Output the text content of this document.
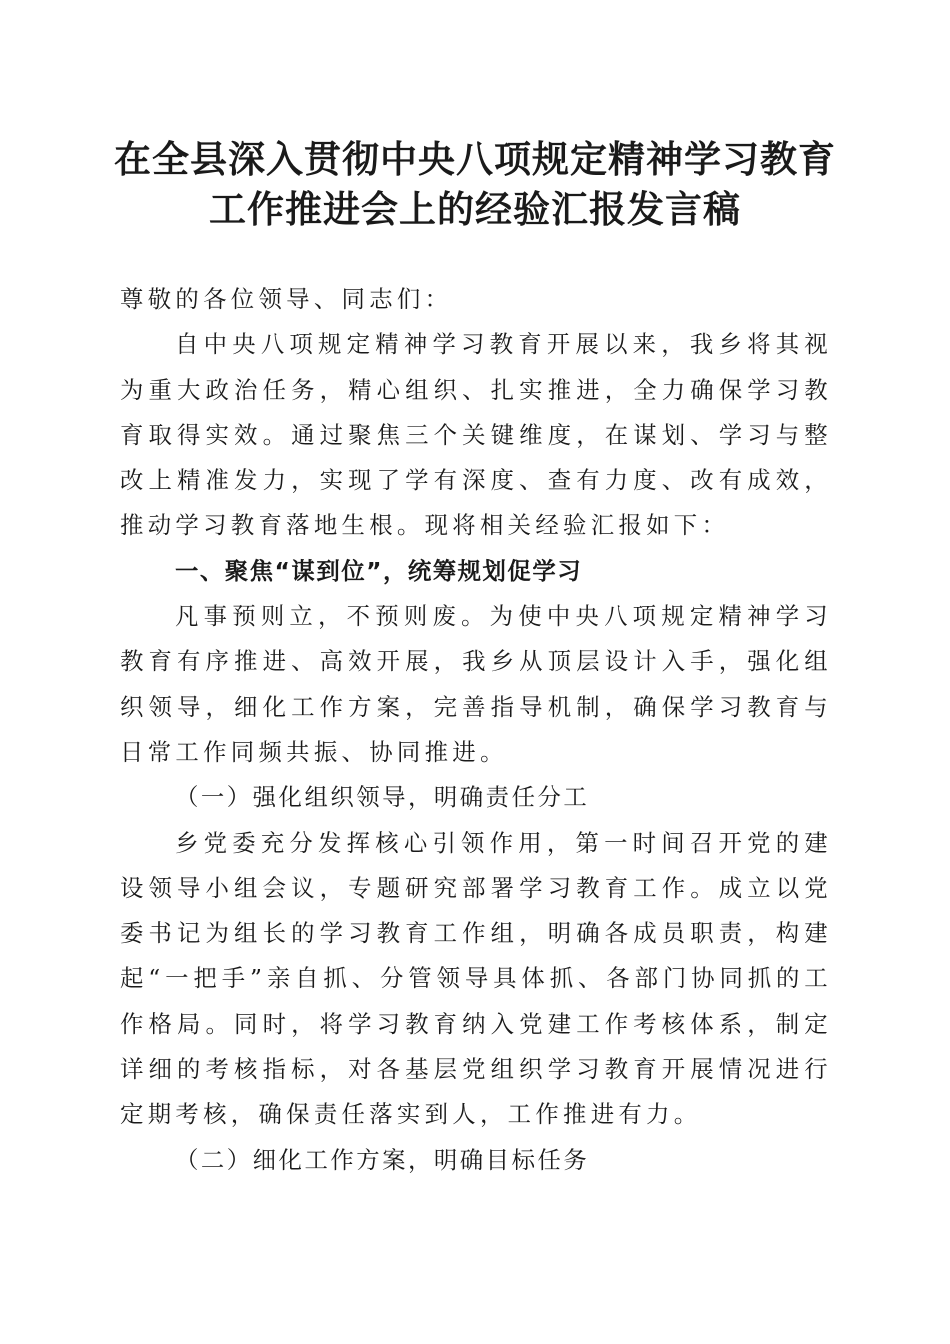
在全县深入贯彻中央八项规定精神学习教育工作推进会上的经验汇报发言稿

尊敬的各位领导、同志们：

自中央八项规定精神学习教育开展以来，我乡将其视为重大政治任务，精心组织、扎实推进，全力确保学习教育取得实效。通过聚焦三个关键维度，在谋划、学习与整改上精准发力，实现了学有深度、查有力度、改有成效，推动学习教育落地生根。现将相关经验汇报如下：

一、聚焦“谋到位”，统筹规划促学习

凡事预则立，不预则废。为使中央八项规定精神学习教育有序推进、高效开展，我乡从顶层设计入手，强化组织领导，细化工作方案，完善指导机制，确保学习教育与日常工作同频共振、协同推进。

（一）强化组织领导，明确责任分工

乡党委充分发挥核心引领作用，第一时间召开党的建设领导小组会议，专题研究部署学习教育工作。成立以党委书记为组长的学习教育工作组，明确各成员职责，构建起“一把手”亲自抓、分管领导具体抓、各部门协同抓的工作格局。同时，将学习教育纳入党建工作考核体系，制定详细的考核指标，对各基层党组织学习教育开展情况进行定期考核，确保责任落实到人，工作推进有力。

（二）细化工作方案，明确目标任务
